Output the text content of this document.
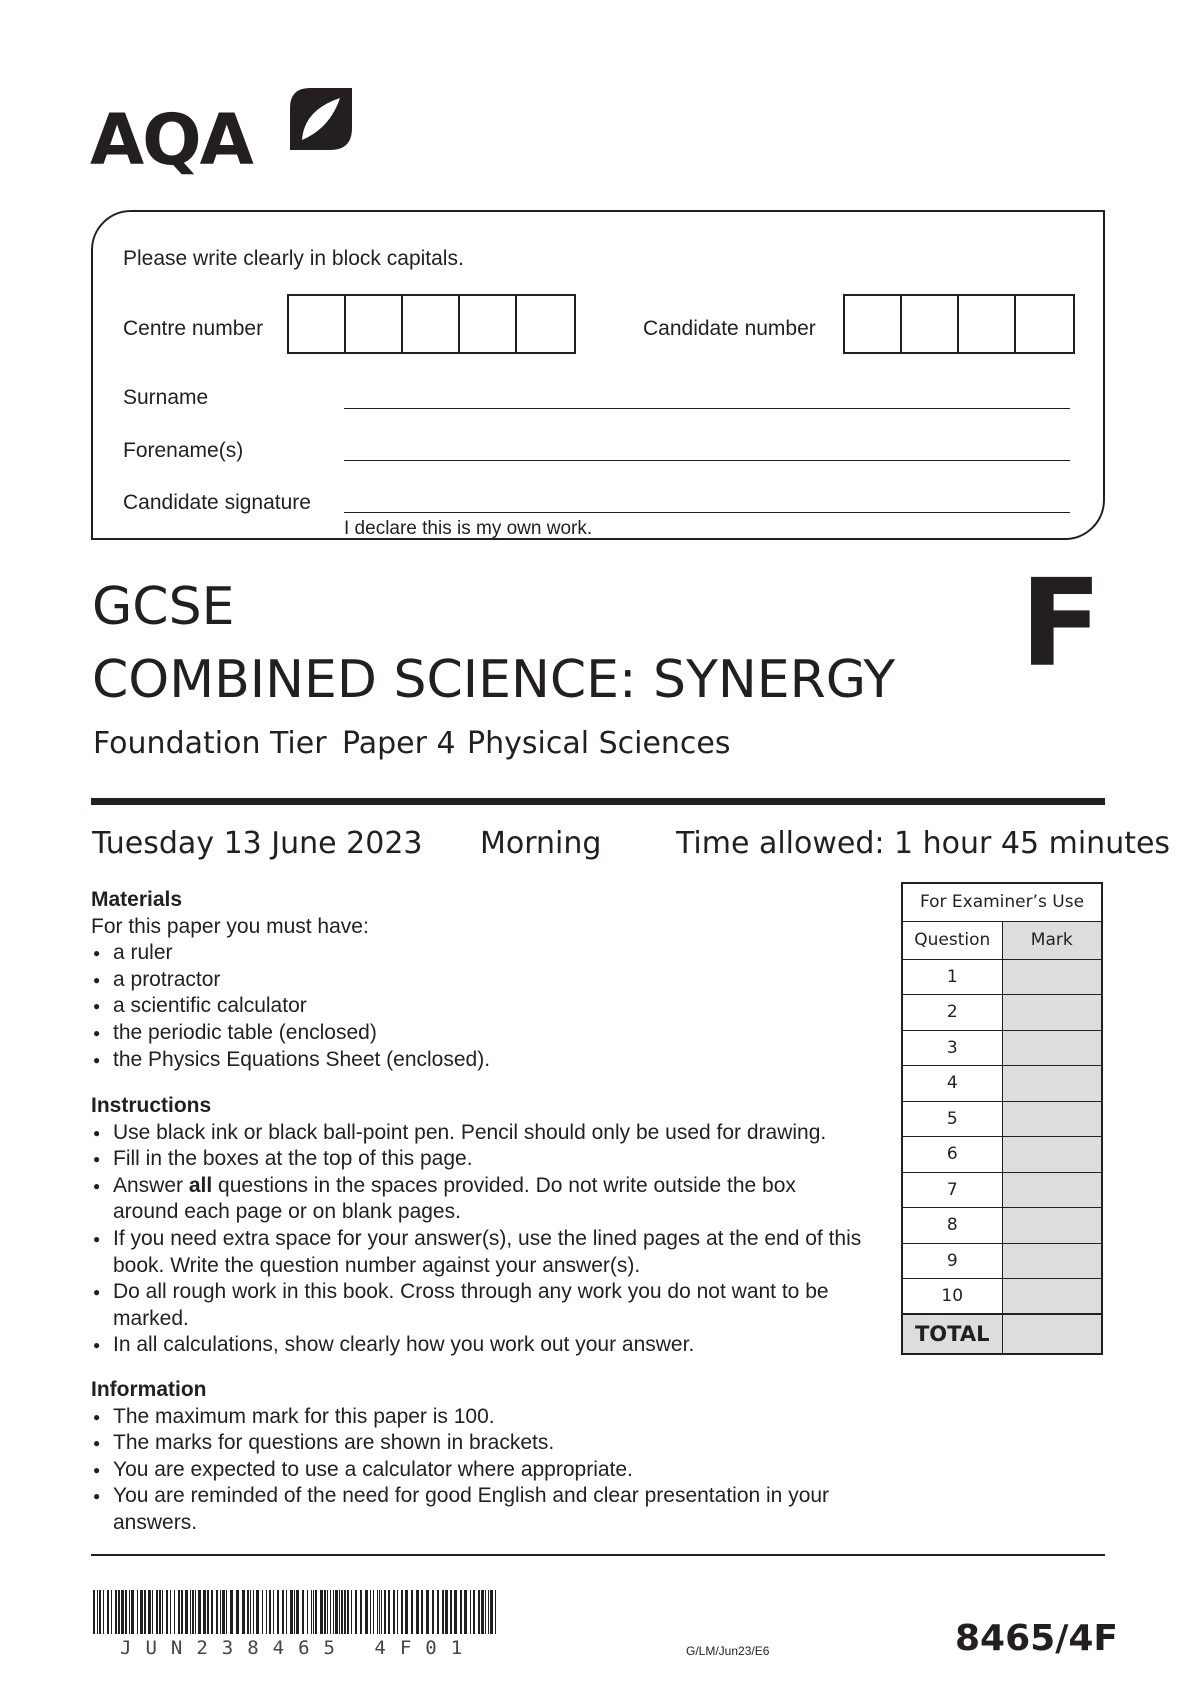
AQA
Please write clearly in block capitals.
Centre number	Candidate number
Surname
Forename(s)
Candidate signature
I declare this is my own work.
GCSE
COMBINED SCIENCE: SYNERGY
Foundation Tier Paper 4 Physical Sciences
F
Tuesday 13 June 2023 Morning Time allowed: 1 hour 45 minutes
Materials

For this paper you must have:

● a ruler
● a protractor
● a scientific calculator
● the periodic table (enclosed)
● the Physics Equations Sheet (enclosed).
Instructions
● Use black ink or black ball-point pen. Pencil should only be used for drawing.
● Fill in the boxes at the top of this page.
● Answer all questions in the spaces provided. Do not write outside the box around each page or on blank pages.
● If you need extra space for your answer(s), use the lined pages at the end of this book. Write the question number against your answer(s).
● Do all rough work in this book. Cross through any work you do not want to be marked.
● In all calculations, show clearly how you work out your answer.
Information
● The maximum mark for this paper is 100.
● The marks for questions are shown in brackets.
● You are expected to use a calculator where appropriate.
● You are reminded of the need for good English and clear presentation in your answers.
For Examiner’s Use	
Question	Mark
1	
2	
3	
4	
5	
6	
7	
8	
9	
10	
TOTAL	
JUN238465 4F01	G/LM/Jun23/E6	8465/4F
